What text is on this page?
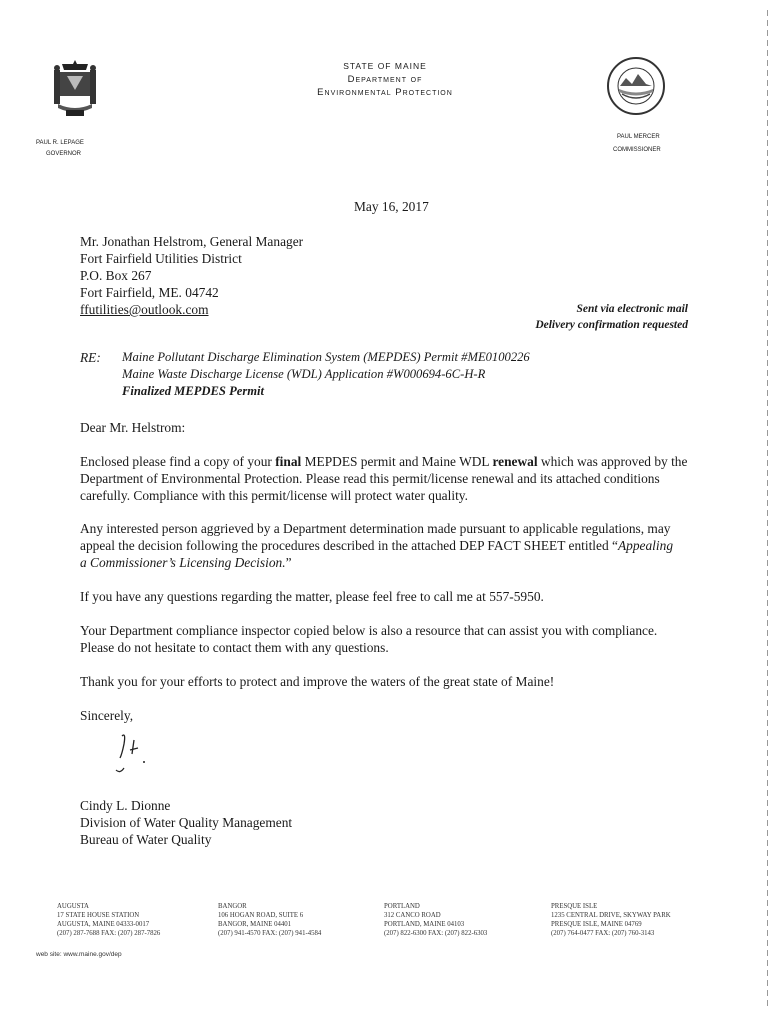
PAUL R. LEPAGE
GOVERNOR
STATE OF MAINE
Department of
Environmental Protection
PAUL MERCER
COMMISSIONER
May 16, 2017
Mr. Jonathan Helstrom, General Manager
Fort Fairfield Utilities District
P.O. Box 267
Fort Fairfield, ME. 04742
ffutilities@outlook.com	Sent via electronic mail
Delivery confirmation requested
RE: Maine Pollutant Discharge Elimination System (MEPDES) Permit #ME0100226
Maine Waste Discharge License (WDL) Application #W000694-6C-H-R
Finalized MEPDES Permit
Dear Mr. Helstrom:
Enclosed please find a copy of your final MEPDES permit and Maine WDL renewal which was approved by the Department of Environmental Protection. Please read this permit/license renewal and its attached conditions carefully. Compliance with this permit/license will protect water quality.
Any interested person aggrieved by a Department determination made pursuant to applicable regulations, may appeal the decision following the procedures described in the attached DEP FACT SHEET entitled “Appealing a Commissioner’s Licensing Decision.”
If you have any questions regarding the matter, please feel free to call me at 557-5950.
Your Department compliance inspector copied below is also a resource that can assist you with compliance. Please do not hesitate to contact them with any questions.
Thank you for your efforts to protect and improve the waters of the great state of Maine!
Sincerely,
Cindy L. Dionne
Division of Water Quality Management
Bureau of Water Quality
AUGUSTA
17 STATE HOUSE STATION
AUGUSTA, MAINE 04333-0017
(207) 287-7688 FAX: (207) 287-7826
BANGOR
106 HOGAN ROAD, SUITE 6
BANGOR, MAINE 04401
(207) 941-4570 FAX: (207) 941-4584
PORTLAND
312 CANCO ROAD
PORTLAND, MAINE 04103
(207) 822-6300 FAX: (207) 822-6303
PRESQUE ISLE
1235 CENTRAL DRIVE, SKYWAY PARK
PRESQUE ISLE, MAINE 04769
(207) 764-0477 FAX: (207) 760-3143
web site: www.maine.gov/dep
